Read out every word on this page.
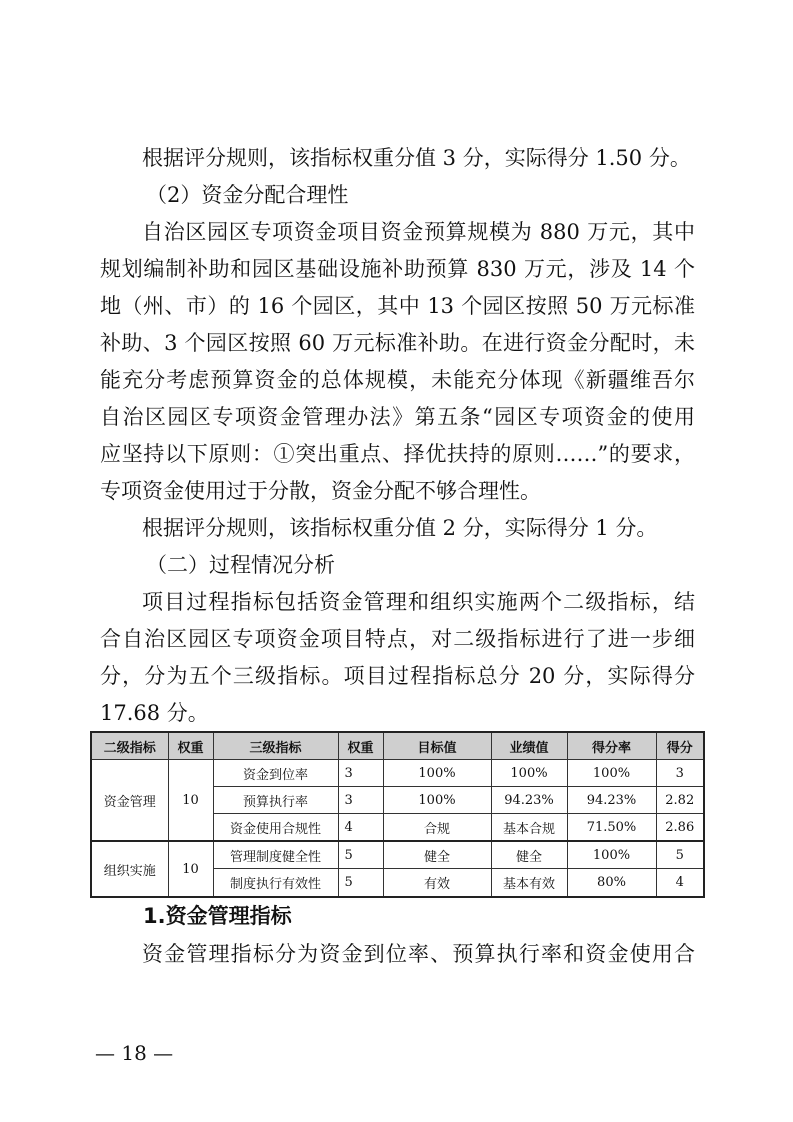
根据评分规则，该指标权重分值 3 分，实际得分 1.50 分。

（2）资金分配合理性

自治区园区专项资金项目资金预算规模为 880 万元，其中

规划编制补助和园区基础设施补助预算 830 万元，涉及 14 个

地（州、市）的 16 个园区，其中 13 个园区按照 50 万元标准

补助、3 个园区按照 60 万元标准补助。在进行资金分配时，未

能充分考虑预算资金的总体规模，未能充分体现《新疆维吾尔

自治区园区专项资金管理办法》第五条“园区专项资金的使用

应坚持以下原则：①突出重点、择优扶持的原则……”的要求，

专项资金使用过于分散，资金分配不够合理性。

根据评分规则，该指标权重分值 2 分，实际得分 1 分。

（二）过程情况分析

项目过程指标包括资金管理和组织实施两个二级指标，结

合自治区园区专项资金项目特点，对二级指标进行了进一步细

分，分为五个三级指标。项目过程指标总分 20 分，实际得分

17.68 分。

二级指标	权重	三级指标	权重	目标值	业绩值	得分率	得分
资金管理	10	资金到位率	3	100%	100%	100%	3
		预算执行率	3	100%	94.23%	94.23%	2.82
		资金使用合规性	4	合规	基本合规	71.50%	2.86
组织实施	10	管理制度健全性	5	健全	健全	100%	5
		制度执行有效性	5	有效	基本有效	80%	4

1.资金管理指标

资金管理指标分为资金到位率、预算执行率和资金使用合

— 18 —
